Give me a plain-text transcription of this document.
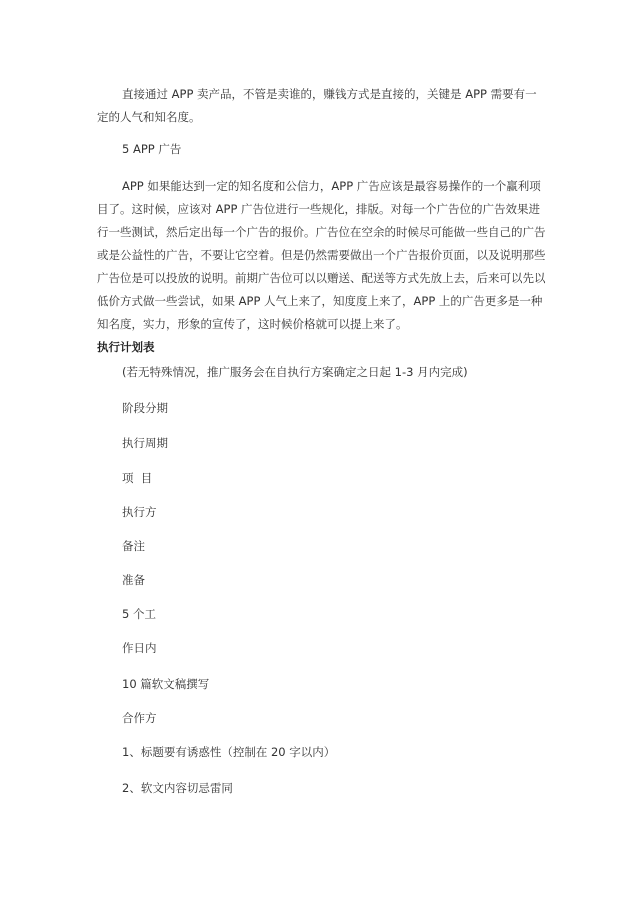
直接通过 APP 卖产品，不管是卖谁的，赚钱方式是直接的，关键是 APP 需要有一定的人气和知名度。
5 APP 广告
APP 如果能达到一定的知名度和公信力，APP 广告应该是最容易操作的一个赢利项目了。这时候，应该对 APP 广告位进行一些规化，排版。对每一个广告位的广告效果进行一些测试，然后定出每一个广告的报价。广告位在空余的时候尽可能做一些自己的广告或是公益性的广告，不要让它空着。但是仍然需要做出一个广告报价页面，以及说明那些广告位是可以投放的说明。前期广告位可以以赠送、配送等方式先放上去，后来可以先以低价方式做一些尝试，如果 APP 人气上来了，知度度上来了，APP 上的广告更多是一种知名度，实力，形象的宣传了，这时候价格就可以提上来了。
执行计划表
(若无特殊情况，推广服务会在自执行方案确定之日起 1-3 月内完成)
阶段分期
执行周期
项  目
执行方
备注
准备
5 个工
作日内
10 篇软文稿撰写
合作方
1、标题要有诱惑性（控制在 20 字以内）
2、软文内容切忌雷同
